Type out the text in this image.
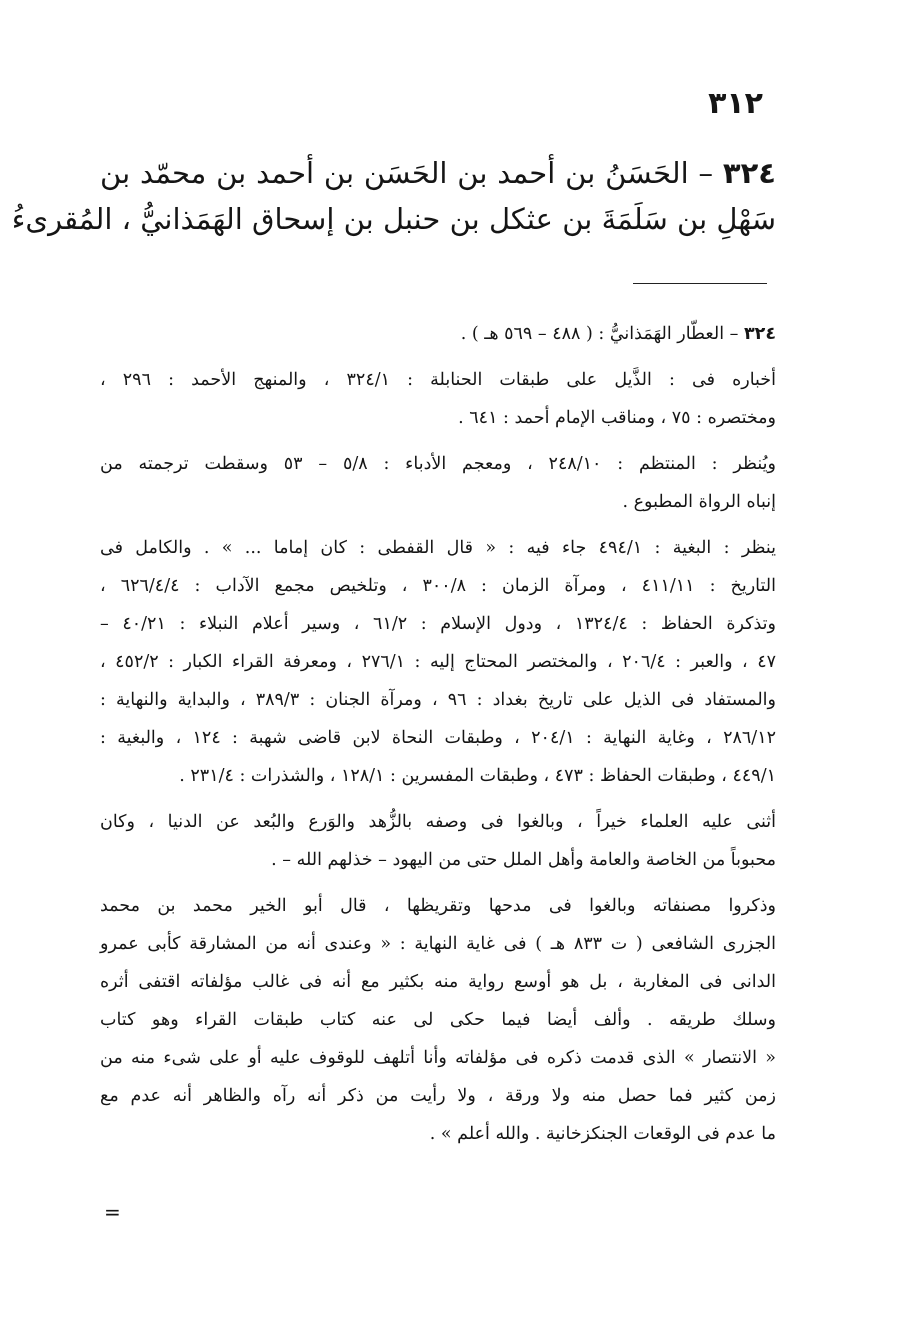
٣١٢
٣٢٤ – الحَسَنُ بن أحمد بن الحَسَن بن أحمد بن محمّد بن
سَهْلِ بن سَلَمَةَ بن عثكل بن حنبل بن إسحاق الهَمَذانيُّ ، المُقرىءُ
٣٢٤ – العطّار الهَمَذانيُّ : ( ٤٨٨ – ٥٦٩ هـ ) .
أخباره فى : الذَّيل على طبقات الحنابلة : ٣٢٤/١ ، والمنهج الأحمد : ٢٩٦ ،
ومختصره : ٧٥ ، ومناقب الإمام أحمد : ٦٤١ .
ويُنظر : المنتظم : ٢٤٨/١٠ ، ومعجم الأدباء : ٥/٨ – ٥٣ وسقطت ترجمته من
إنباه الرواة المطبوع .
ينظر : البغية : ٤٩٤/١ جاء فيه : « قال القفطى : كان إماما ... » . والكامل فى
التاريخ : ٤١١/١١ ، ومرآة الزمان : ٣٠٠/٨ ، وتلخيص مجمع الآداب : ٦٢٦/٤/٤ ،
وتذكرة الحفاظ : ١٣٢٤/٤ ، ودول الإسلام : ٦١/٢ ، وسير أعلام النبلاء : ٤٠/٢١ –
٤٧ ، والعبر : ٢٠٦/٤ ، والمختصر المحتاج إليه : ٢٧٦/١ ، ومعرفة القراء الكبار : ٤٥٢/٢ ،
والمستفاد فى الذيل على تاريخ بغداد : ٩٦ ، ومرآة الجنان : ٣٨٩/٣ ، والبداية والنهاية :
٢٨٦/١٢ ، وغاية النهاية : ٢٠٤/١ ، وطبقات النحاة لابن قاضى شهبة : ١٢٤ ، والبغية :
٤٤٩/١ ، وطبقات الحفاظ : ٤٧٣ ، وطبقات المفسرين : ١٢٨/١ ، والشذرات : ٢٣١/٤ .
أثنى عليه العلماء خيراً ، وبالغوا فى وصفه بالزُّهد والوَرع والبُعد عن الدنيا ، وكان
محبوباً من الخاصة والعامة وأهل الملل حتى من اليهود – خذلهم الله – .
وذكروا مصنفاته وبالغوا فى مدحها وتقريظها ، قال أبو الخير محمد بن محمد
الجزرى الشافعى ( ت ٨٣٣ هـ ) فى غاية النهاية : « وعندى أنه من المشارقة كأبى عمرو
الدانى فى المغاربة ، بل هو أوسع رواية منه بكثير مع أنه فى غالب مؤلفاته اقتفى أثره
وسلك طريقه . وألف أيضا فيما حكى لى عنه كتاب طبقات القراء وهو كتاب
« الانتصار » الذى قدمت ذكره فى مؤلفاته وأنا أتلهف للوقوف عليه أو على شىء منه من
زمن كثير فما حصل منه ولا ورقة ، ولا رأيت من ذكر أنه رآه والظاهر أنه عدم مع
ما عدم فى الوقعات الجنكزخانية . والله أعلم » .
=
